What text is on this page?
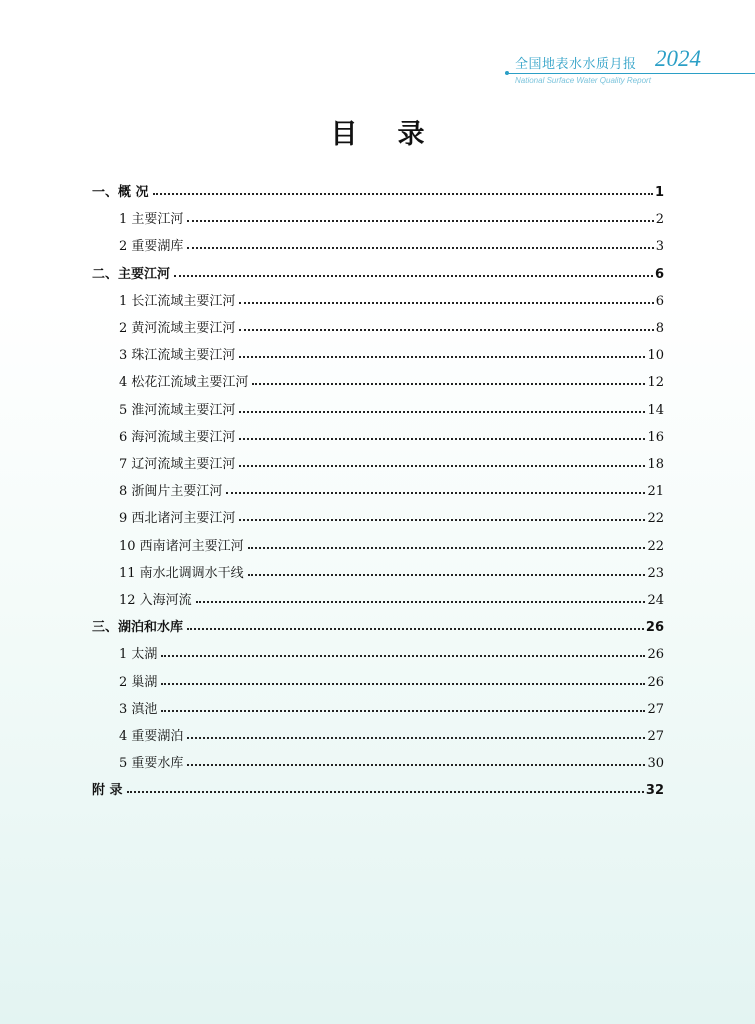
全国地表水水质月报 2024
National Surface Water Quality Report
目录
一、概 况	1
1 主要江河	2
2 重要湖库	3
二、主要江河	6
1 长江流域主要江河	6
2 黄河流域主要江河	8
3 珠江流域主要江河	10
4 松花江流域主要江河	12
5 淮河流域主要江河	14
6 海河流域主要江河	16
7 辽河流域主要江河	18
8 浙闽片主要江河	21
9 西北诸河主要江河	22
10 西南诸河主要江河	22
11 南水北调调水干线	23
12 入海河流	24
三、湖泊和水库	26
1 太湖	26
2 巢湖	26
3 滇池	27
4 重要湖泊	27
5 重要水库	30
附 录	32
